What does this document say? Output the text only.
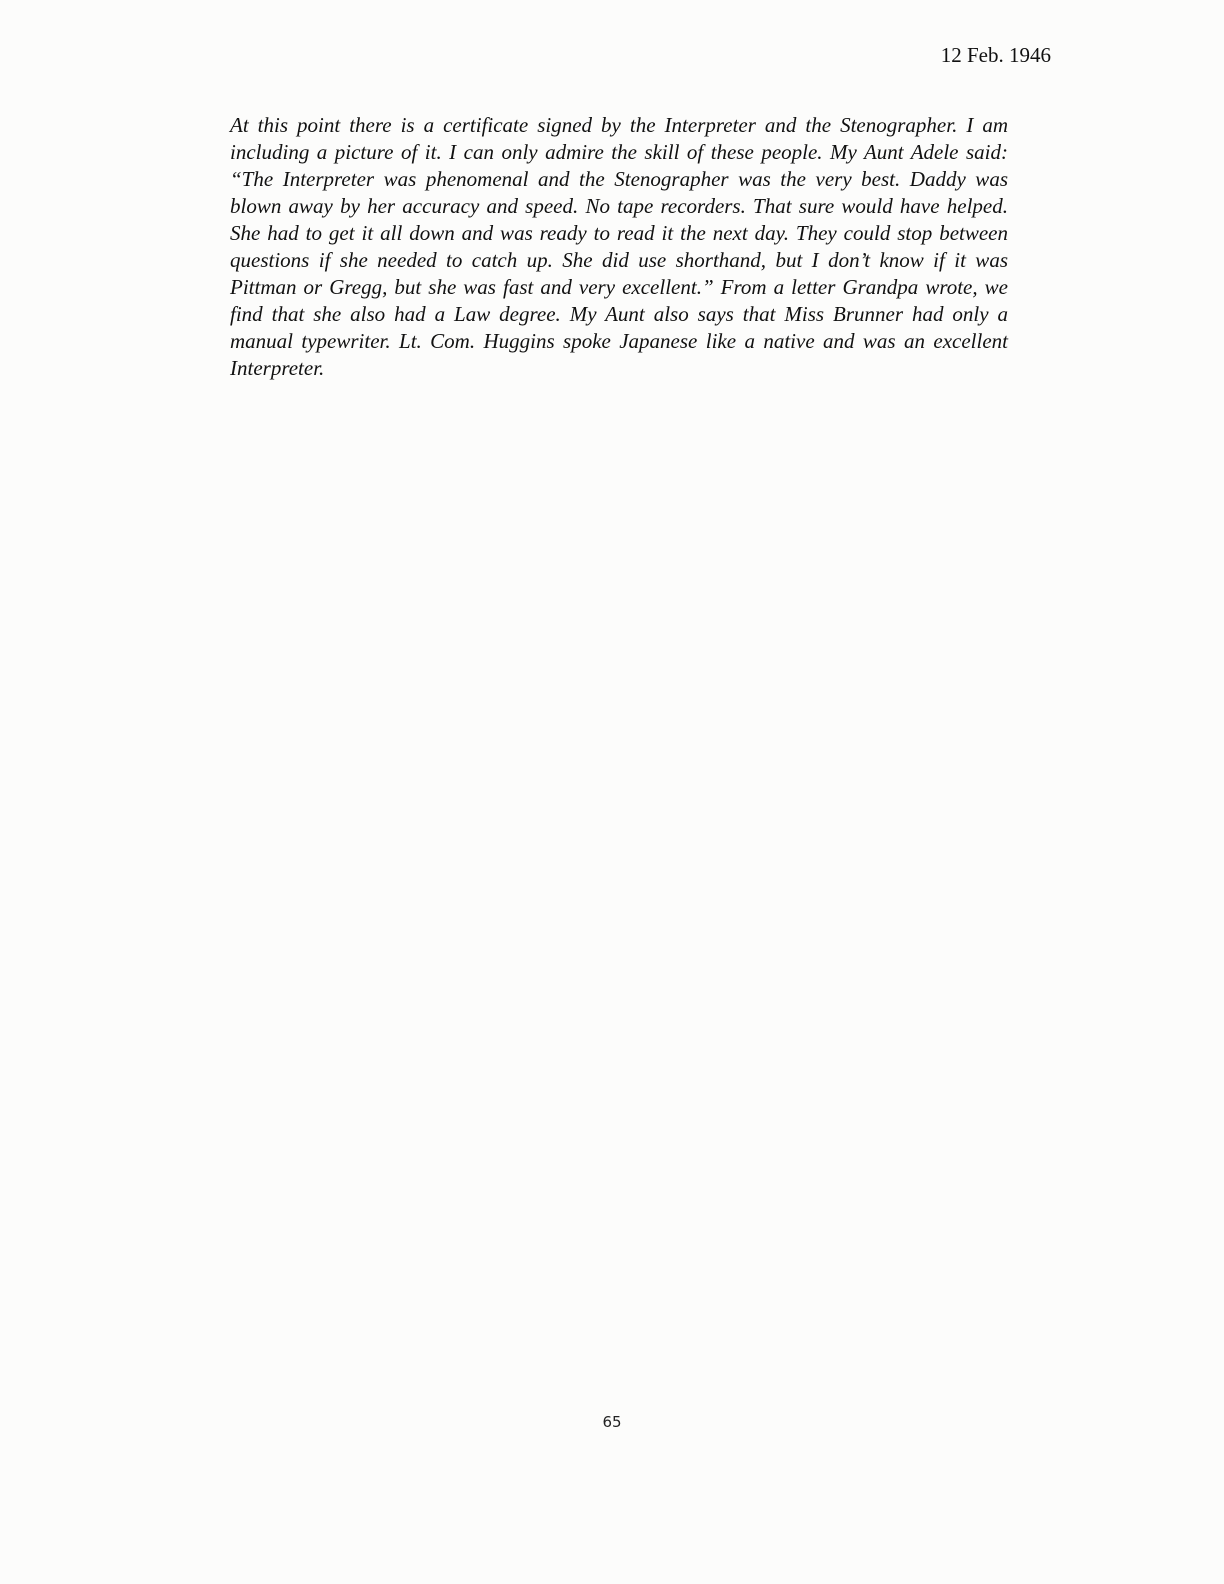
12 Feb. 1946

At this point there is a certificate signed by the Interpreter and the Stenographer. I am including a picture of it. I can only admire the skill of these people. My Aunt Adele said: “The Interpreter was phenomenal and the Stenographer was the very best. Daddy was blown away by her accuracy and speed. No tape recorders. That sure would have helped. She had to get it all down and was ready to read it the next day. They could stop between questions if she needed to catch up. She did use shorthand, but I don’t know if it was Pittman or Gregg, but she was fast and very excellent.” From a letter Grandpa wrote, we find that she also had a Law degree. My Aunt also says that Miss Brunner had only a manual typewriter. Lt. Com. Huggins spoke Japanese like a native and was an excellent Interpreter.

65
